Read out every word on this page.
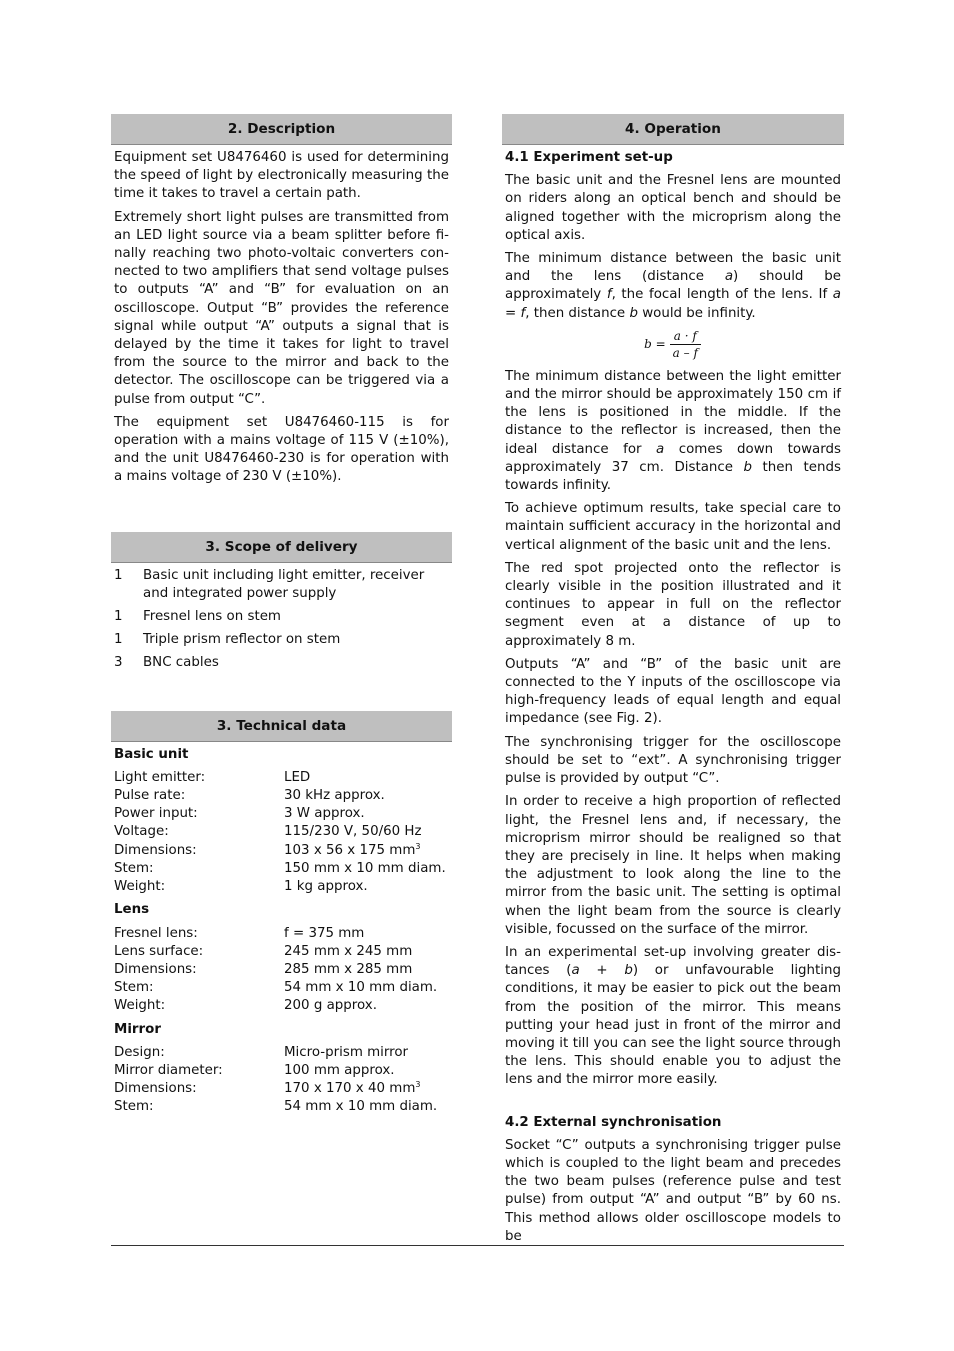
2. Description

Equipment set U8476460 is used for determining the speed of light by electronically measuring the time it takes to travel a certain path.

Extremely short light pulses are transmitted from an LED light source via a beam splitter before finally reaching two photo-voltaic converters connected to two amplifiers that send voltage pulses to outputs “A” and “B” for evaluation on an oscilloscope. Output “B” provides the reference signal while output “A” outputs a signal that is delayed by the time it takes for light to travel from the source to the mirror and back to the detector. The oscilloscope can be triggered via a pulse from output “C”.

The equipment set U8476460-115 is for operation with a mains voltage of 115 V (±10%), and the unit U8476460-230 is for operation with a mains voltage of 230 V (±10%).

3. Scope of delivery
1	Basic unit including light emitter, receiver and integrated power supply
1	Fresnel lens on stem
1	Triple prism reflector on stem
3	BNC cables
3. Technical data
Basic unit
Light emitter:	LED
Pulse rate:	30 kHz approx.
Power input:	3 W approx.
Voltage:	115/230 V, 50/60 Hz
Dimensions:	103 x 56 x 175 $mm^3$
Stem:	150 mm x 10 mm diam.
Weight:	1 kg approx.
Lens
Fresnel lens:	f = 375 mm
Lens surface:	245 mm x 245 mm
Dimensions:	285 mm x 285 mm
Stem:	54 mm x 10 mm diam.
Weight:	200 g approx.
Mirror
Design:	Micro-prism mirror
Mirror diameter:	100 mm approx.
Dimensions:	170 x 170 x 40 $mm^3$
Stem:	54 mm x 10 mm diam.
4. Operation
4.1 Experiment set-up

The basic unit and the Fresnel lens are mounted on riders along an optical bench and should be aligned together with the microprism along the optical axis.

The minimum distance between the basic unit and the lens (distance a) should be approximately f, the focal length of the lens. If a = f, then distance b would be infinity.

$b = \frac{a \cdot f}{a - f}$

The minimum distance between the light emitter and the mirror should be approximately 150 cm if the lens is positioned in the middle. If the distance to the reflector is increased, then the ideal distance for a comes down towards approximately 37 cm. Distance b then tends towards infinity.

To achieve optimum results, take special care to maintain sufficient accuracy in the horizontal and vertical alignment of the basic unit and the lens.

The red spot projected onto the reflector is clearly visible in the position illustrated and it continues to appear in full on the reflector segment even at a distance of up to approximately 8 m.

Outputs “A” and “B” of the basic unit are connected to the Y inputs of the oscilloscope via high-frequency leads of equal length and equal impedance (see Fig. 2).

The synchronising trigger for the oscilloscope should be set to “ext”. A synchronising trigger pulse is provided by output “C”.

In order to receive a high proportion of reflected light, the Fresnel lens and, if necessary, the microprism mirror should be realigned so that they are precisely in line. It helps when making the adjustment to look along the line to the mirror from the basic unit. The setting is optimal when the light beam from the source is clearly visible, focussed on the surface of the mirror.

In an experimental set-up involving greater distances (a + b) or unfavourable lighting conditions, it may be easier to pick out the beam from the position of the mirror. This means putting your head just in front of the mirror and moving it till you can see the light source through the lens. This should enable you to adjust the lens and the mirror more easily.

4.2 External synchronisation

Socket “C” outputs a synchronising trigger pulse which is coupled to the light beam and precedes the two beam pulses (reference pulse and test pulse) from output “A” and output “B” by 60 ns. This method allows older oscilloscope models to be
